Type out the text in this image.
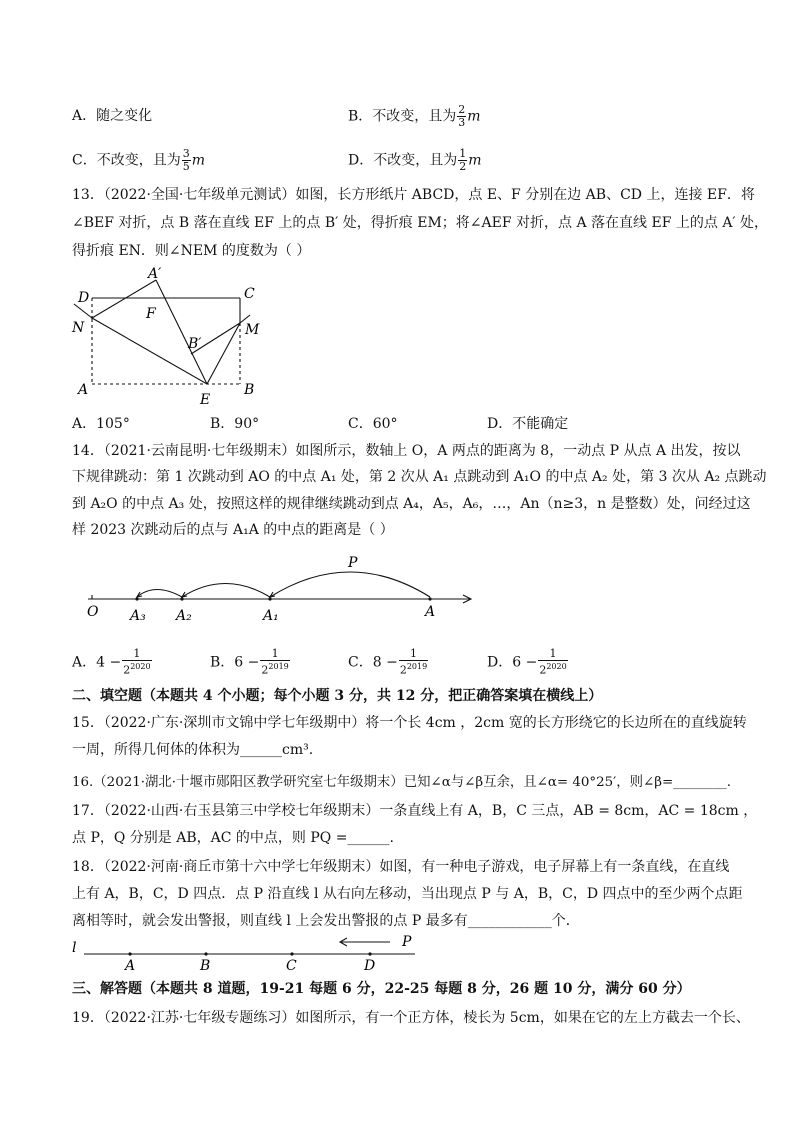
A．随之变化	B．不改变，且为 $\frac{2}{3}$ m
C．不改变，且为 $\frac{3}{5}$ m	D．不改变，且为 $\frac{1}{2}$ m
13．（2022·全国·七年级单元测试）如图，长方形纸片 ABCD，点 E、F 分别在边 AB、CD 上，连接 EF．将
∠BEF 对折，点 B 落在直线 EF 上的点 B′ 处，得折痕 EM；将∠AEF 对折，点 A 落在直线 EF 上的点 A′ 处，
得折痕 EN．则∠NEM 的度数为（ ）
A′
D	C
F
N	M
B′
A	B
E
A．105°	B．90°	C．60°	D．不能确定
14．（2021·云南昆明·七年级期末）如图所示，数轴上 O，A 两点的距离为 8，一动点 P 从点 A 出发，按以
下规律跳动：第 1 次跳动到 AO 的中点 A₁ 处，第 2 次从 A₁ 点跳动到 A₁O 的中点 A₂ 处，第 3 次从 A₂ 点跳动
到 A₂O 的中点 A₃ 处，按照这样的规律继续跳动到点 A₄，A₅，A₆，…，An（n≥3，n 是整数）处，问经过这
样 2023 次跳动后的点与 A₁A 的中点的距离是（ ）
P
O A₃ A₂	A₁	A
A．$4 - \frac{1}{2^{2020}}$	B．$6 - \frac{1}{2^{2019}}$	C．$8 - \frac{1}{2^{2019}}$	D．$6 - \frac{1}{2^{2020}}$
二、填空题（本题共 4 个小题；每个小题 3 分，共 12 分，把正确答案填在横线上）
15．（2022·广东·深圳市文锦中学七年级期中）将一个长 4cm ，2cm 宽的长方形绕它的长边所在的直线旋转
一周，所得几何体的体积为______cm³.
16.（2021·湖北·十堰市郧阳区教学研究室七年级期末）已知∠α与∠β互余，且∠α= 40°25′，则∠β=________.
17．（2022·山西·右玉县第三中学校七年级期末）一条直线上有 A，B，C 三点，AB = 8cm，AC = 18cm ，
点 P，Q 分别是 AB，AC 的中点，则 PQ =______.
18．（2022·河南·商丘市第十六中学七年级期末）如图，有一种电子游戏，电子屏幕上有一条直线，在直线
上有 A，B，C，D 四点．点 P 沿直线 l 从右向左移动，当出现点 P 与 A，B，C，D 四点中的至少两个点距
离相等时，就会发出警报，则直线 l 上会发出警报的点 P 最多有____________个．
l
A	B	C	D
P
三、解答题（本题共 8 道题，19-21 每题 6 分，22-25 每题 8 分，26 题 10 分，满分 60 分）
19．（2022·江苏·七年级专题练习）如图所示，有一个正方体，棱长为 5cm，如果在它的左上方截去一个长、
